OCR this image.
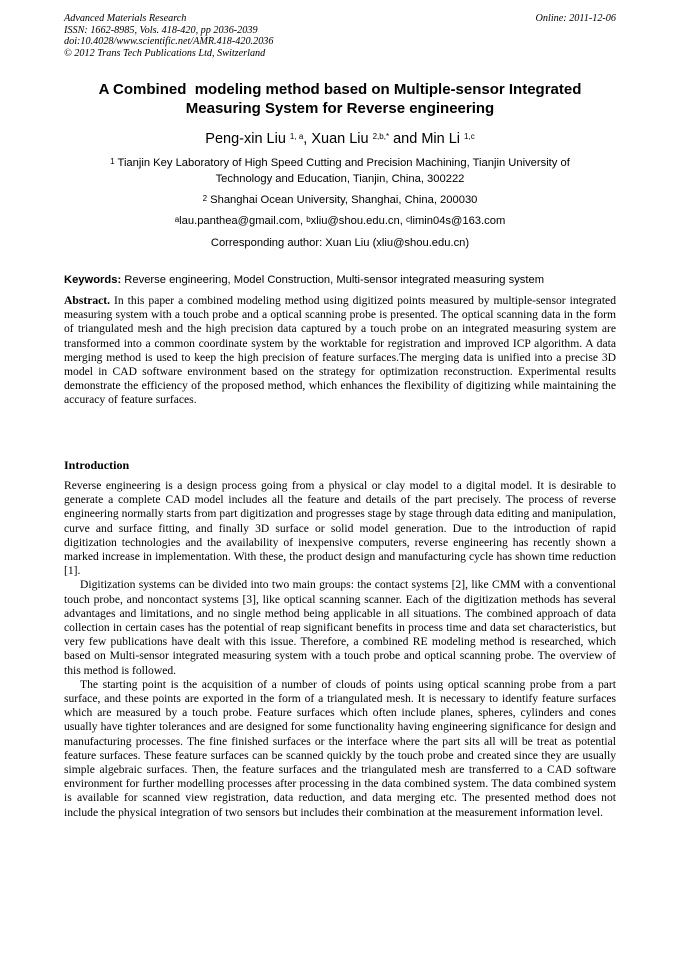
Advanced Materials Research
ISSN: 1662-8985, Vols. 418-420, pp 2036-2039
doi:10.4028/www.scientific.net/AMR.418-420.2036
© 2012 Trans Tech Publications Ltd, Switzerland
Online: 2011-12-06
A Combined  modeling method based on Multiple-sensor Integrated
Measuring System for Reverse engineering
Peng-xin Liu $^{1, a}$, Xuan Liu $^{2,b,*}$ and Min Li $^{1,c}$
$^1$ Tianjin Key Laboratory of High Speed Cutting and Precision Machining, Tianjin University of
Technology and Education, Tianjin, China, 300222
$^2$ Shanghai Ocean University, Shanghai, China, 200030
$^a$lau.panthea@gmail.com, $^b$xliu@shou.edu.cn, $^c$limin04s@163.com
Corresponding author: Xuan Liu (xliu@shou.edu.cn)
Keywords: Reverse engineering, Model Construction, Multi-sensor integrated measuring system
Abstract. In this paper a combined modeling method using digitized points measured by multiple-sensor integrated measuring system with a touch probe and a optical scanning probe is presented. The optical scanning data in the form of triangulated mesh and the high precision data captured by a touch probe on an integrated measuring system are transformed into a common coordinate system by the worktable for registration and improved ICP algorithm. A data merging method is used to keep the high precision of feature surfaces.The merging data is unified into a precise 3D model in CAD software environment based on the strategy for optimization reconstruction. Experimental results demonstrate the efficiency of the proposed method, which enhances the flexibility of digitizing while maintaining the accuracy of feature surfaces.
Introduction

Reverse engineering is a design process going from a physical or clay model to a digital model. It is desirable to generate a complete CAD model includes all the feature and details of the part precisely. The process of reverse engineering normally starts from part digitization and progresses stage by stage through data editing and manipulation, curve and surface fitting, and finally 3D surface or solid model generation. Due to the introduction of rapid digitization technologies and the availability of inexpensive computers, reverse engineering has recently shown a marked increase in implementation. With these, the product design and manufacturing cycle has shown time reduction [1].

Digitization systems can be divided into two main groups: the contact systems [2], like CMM with a conventional touch probe, and noncontact systems [3], like optical scanning scanner. Each of the digitization methods has several advantages and limitations, and no single method being applicable in all situations. The combined approach of data collection in certain cases has the potential of reap significant benefits in process time and data set characteristics, but very few publications have dealt with this issue. Therefore, a combined RE modeling method is researched, which based on Multi-sensor integrated measuring system with a touch probe and optical scanning probe. The overview of this method is followed.

The starting point is the acquisition of a number of clouds of points using optical scanning probe from a part surface, and these points are exported in the form of a triangulated mesh. It is necessary to identify feature surfaces which are measured by a touch probe. Feature surfaces which often include planes, spheres, cylinders and cones usually have tighter tolerances and are designed for some functionality having engineering significance for design and manufacturing processes. The fine finished surfaces or the interface where the part sits all will be treat as potential feature surfaces. These feature surfaces can be scanned quickly by the touch probe and created since they are usually simple algebraic surfaces. Then, the feature surfaces and the triangulated mesh are transferred to a CAD software environment for further modelling processes after processing in the data combined system. The data combined system is available for scanned view registration, data reduction, and data merging etc. The presented method does not include the physical integration of two sensors but includes their combination at the measurement information level.
